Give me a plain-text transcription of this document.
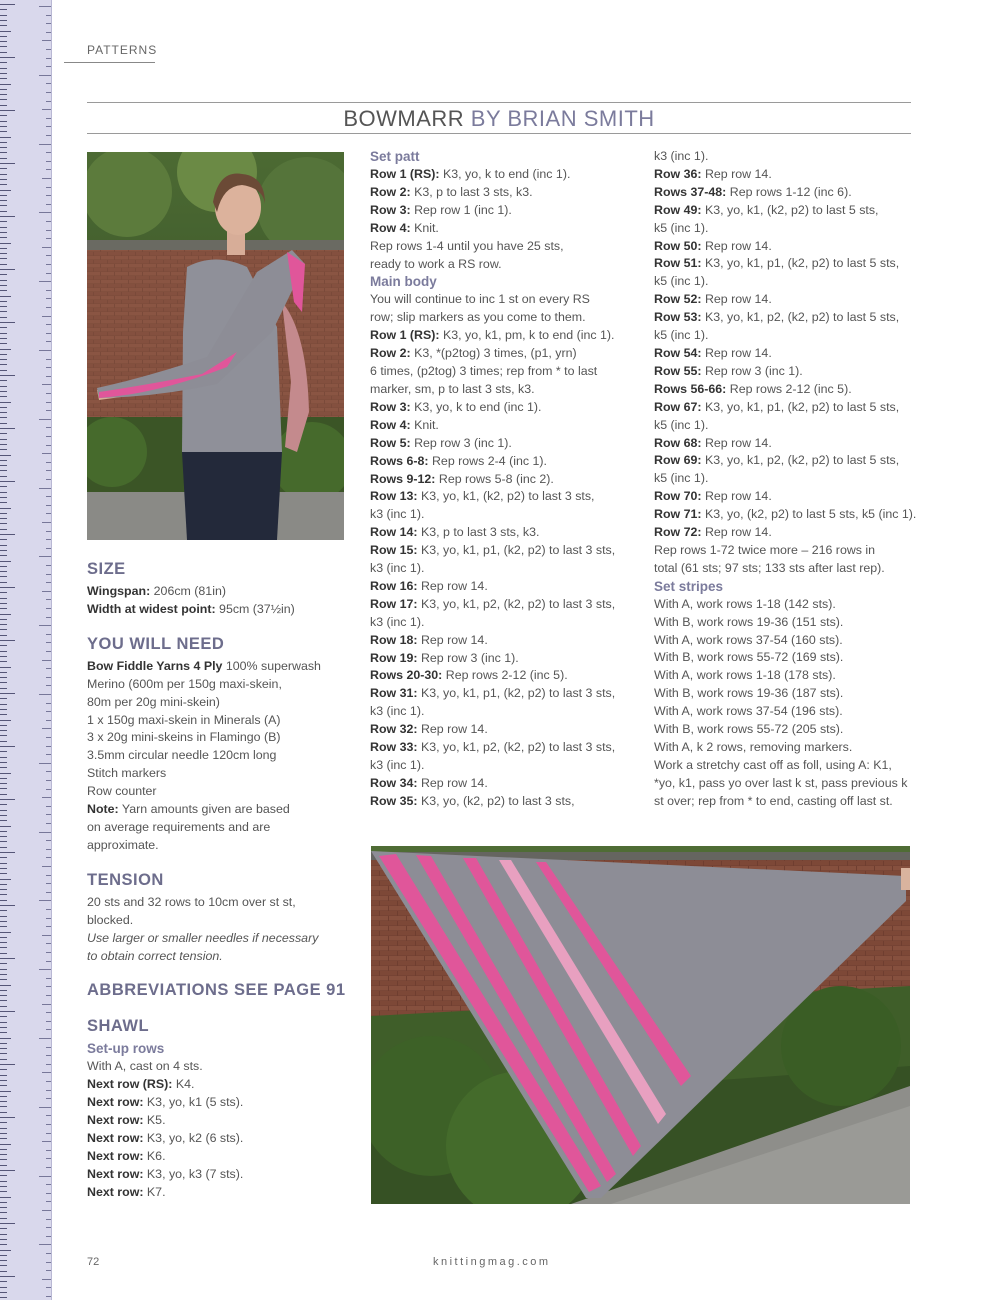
PATTERNS
BOWMARR BY BRIAN SMITH
SIZE
Wingspan: 206cm (81in)
Width at widest point: 95cm (37½in)
YOU WILL NEED
Bow Fiddle Yarns 4 Ply 100% superwash
Merino (600m per 150g maxi-skein,
80m per 20g mini-skein)
1 x 150g maxi-skein in Minerals (A)
3 x 20g mini-skeins in Flamingo (B)
3.5mm circular needle 120cm long
Stitch markers
Row counter
Note: Yarn amounts given are based
on average requirements and are
approximate.
TENSION
20 sts and 32 rows to 10cm over st st,
blocked.
Use larger or smaller needles if necessary
to obtain correct tension.
ABBREVIATIONS SEE PAGE 91
SHAWL
Set-up rows
With A, cast on 4 sts.
Next row (RS): K4.
Next row: K3, yo, k1 (5 sts).
Next row: K5.
Next row: K3, yo, k2 (6 sts).
Next row: K6.
Next row: K3, yo, k3 (7 sts).
Next row: K7.
Set patt
Row 1 (RS): K3, yo, k to end (inc 1).
Row 2: K3, p to last 3 sts, k3.
Row 3: Rep row 1 (inc 1).
Row 4: Knit.
Rep rows 1-4 until you have 25 sts,
ready to work a RS row.
Main body
You will continue to inc 1 st on every RS
row; slip markers as you come to them.
Row 1 (RS): K3, yo, k1, pm, k to end (inc 1).
Row 2: K3, *(p2tog) 3 times, (p1, yrn)
6 times, (p2tog) 3 times; rep from * to last
marker, sm, p to last 3 sts, k3.
Row 3: K3, yo, k to end (inc 1).
Row 4: Knit.
Row 5: Rep row 3 (inc 1).
Rows 6-8: Rep rows 2-4 (inc 1).
Rows 9-12: Rep rows 5-8 (inc 2).
Row 13: K3, yo, k1, (k2, p2) to last 3 sts,
k3 (inc 1).
Row 14: K3, p to last 3 sts, k3.
Row 15: K3, yo, k1, p1, (k2, p2) to last 3 sts,
k3 (inc 1).
Row 16: Rep row 14.
Row 17: K3, yo, k1, p2, (k2, p2) to last 3 sts,
k3 (inc 1).
Row 18: Rep row 14.
Row 19: Rep row 3 (inc 1).
Rows 20-30: Rep rows 2-12 (inc 5).
Row 31: K3, yo, k1, p1, (k2, p2) to last 3 sts,
k3 (inc 1).
Row 32: Rep row 14.
Row 33: K3, yo, k1, p2, (k2, p2) to last 3 sts,
k3 (inc 1).
Row 34: Rep row 14.
Row 35: K3, yo, (k2, p2) to last 3 sts,
k3 (inc 1).
Row 36: Rep row 14.
Rows 37-48: Rep rows 1-12 (inc 6).
Row 49: K3, yo, k1, (k2, p2) to last 5 sts,
k5 (inc 1).
Row 50: Rep row 14.
Row 51: K3, yo, k1, p1, (k2, p2) to last 5 sts,
k5 (inc 1).
Row 52: Rep row 14.
Row 53: K3, yo, k1, p2, (k2, p2) to last 5 sts,
k5 (inc 1).
Row 54: Rep row 14.
Row 55: Rep row 3 (inc 1).
Rows 56-66: Rep rows 2-12 (inc 5).
Row 67: K3, yo, k1, p1, (k2, p2) to last 5 sts,
k5 (inc 1).
Row 68: Rep row 14.
Row 69: K3, yo, k1, p2, (k2, p2) to last 5 sts,
k5 (inc 1).
Row 70: Rep row 14.
Row 71: K3, yo, (k2, p2) to last 5 sts, k5 (inc 1).
Row 72: Rep row 14.
Rep rows 1-72 twice more – 216 rows in
total (61 sts; 97 sts; 133 sts after last rep).
Set stripes
With A, work rows 1-18 (142 sts).
With B, work rows 19-36 (151 sts).
With A, work rows 37-54 (160 sts).
With B, work rows 55-72 (169 sts).
With A, work rows 1-18 (178 sts).
With B, work rows 19-36 (187 sts).
With A, work rows 37-54 (196 sts).
With B, work rows 55-72 (205 sts).
With A, k 2 rows, removing markers.
Work a stretchy cast off as foll, using A: K1,
*yo, k1, pass yo over last k st, pass previous k
st over; rep from * to end, casting off last st.
72	knittingmag.com
